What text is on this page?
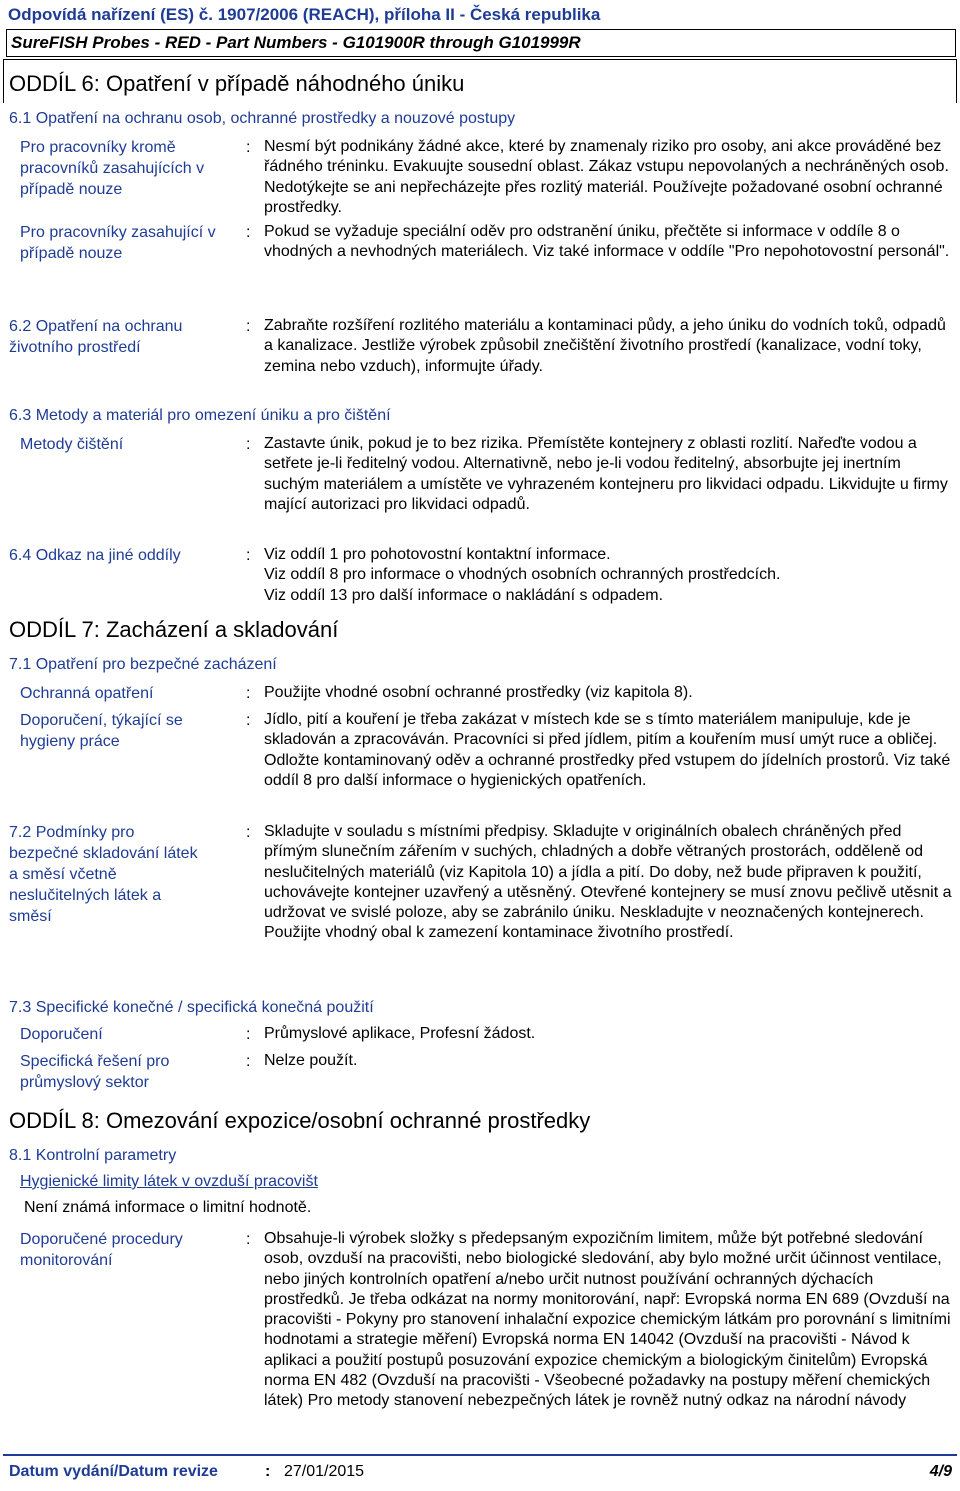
Odpovídá nařízení (ES) č. 1907/2006 (REACH), příloha II - Česká republika
SureFISH Probes - RED - Part Numbers - G101900R through G101999R
ODDÍL 6: Opatření v případě náhodného úniku
6.1 Opatření na ochranu osob, ochranné prostředky a nouzové postupy
Pro pracovníky kromě pracovníků zasahujících v případě nouze
: Nesmí být podnikány žádné akce, které by znamenaly riziko pro osoby, ani akce prováděné bez řádného tréninku. Evakuujte sousední oblast. Zákaz vstupu nepovolaných a nechráněných osob. Nedotýkejte se ani nepřecházejte přes rozlitý materiál. Používejte požadované osobní ochranné prostředky.
Pro pracovníky zasahující v případě nouze
: Pokud se vyžaduje speciální oděv pro odstranění úniku, přečtěte si informace v oddíle 8 o vhodných a nevhodných materiálech. Viz také informace v oddíle "Pro nepohotovostní personál".
6.2 Opatření na ochranu životního prostředí
: Zabraňte rozšíření rozlitého materiálu a kontaminaci půdy, a jeho úniku do vodních toků, odpadů a kanalizace. Jestliže výrobek způsobil znečištění životního prostředí (kanalizace, vodní toky, zemina nebo vzduch), informujte úřady.
6.3 Metody a materiál pro omezení úniku a pro čištění
Metody čištění	: Zastavte únik, pokud je to bez rizika. Přemístěte kontejnery z oblasti rozlití. Nařeďte vodou a setřete je-li ředitelný vodou. Alternativně, nebo je-li vodou ředitelný, absorbujte jej inertním suchým materiálem a umístěte ve vyhrazeném kontejneru pro likvidaci odpadu. Likvidujte u firmy mající autorizaci pro likvidaci odpadů.
6.4 Odkaz na jiné oddíly	: Viz oddíl 1 pro pohotovostní kontaktní informace.

Viz oddíl 8 pro informace o vhodných osobních ochranných prostředcích.

Viz oddíl 13 pro další informace o nakládání s odpadem.

ODDÍL 7: Zacházení a skladování
7.1 Opatření pro bezpečné zacházení
Ochranná opatření	: Použijte vhodné osobní ochranné prostředky (viz kapitola 8).
Doporučení, týkající se hygieny práce
: Jídlo, pití a kouření je třeba zakázat v místech kde se s tímto materiálem manipuluje, kde je skladován a zpracováván. Pracovníci si před jídlem, pitím a kouřením musí umýt ruce a obličej. Odložte kontaminovaný oděv a ochranné prostředky před vstupem do jídelních prostorů. Viz také oddíl 8 pro další informace o hygienických opatřeních.
7.2 Podmínky pro bezpečné skladování látek a směsí včetně neslučitelných látek a směsí
: Skladujte v souladu s místními předpisy. Skladujte v originálních obalech chráněných před přímým slunečním zářením v suchých, chladných a dobře větraných prostorách, odděleně od neslučitelných materiálů (viz Kapitola 10) a jídla a pití. Do doby, než bude připraven k použití, uchovávejte kontejner uzavřený a utěsněný. Otevřené kontejnery se musí znovu pečlivě utěsnit a udržovat ve svislé poloze, aby se zabránilo úniku. Neskladujte v neoznačených kontejnerech. Použijte vhodný obal k zamezení kontaminace životního prostředí.
7.3 Specifické konečné / specifická konečná použití
Doporučení	: Průmyslové aplikace, Profesní žádost.
Specifická řešení pro průmyslový sektor
: Nelze použít.
ODDÍL 8: Omezování expozice/osobní ochranné prostředky
8.1 Kontrolní parametry
Hygienické limity látek v ovzduší pracovišt
Není známá informace o limitní hodnotě.
Doporučené procedury monitorování
: Obsahuje-li výrobek složky s předepsaným expozičním limitem, může být potřebné sledování osob, ovzduší na pracovišti, nebo biologické sledování, aby bylo možné určit účinnost ventilace, nebo jiných kontrolních opatření a/nebo určit nutnost používání ochranných dýchacích prostředků. Je třeba odkázat na normy monitorování, např: Evropská norma EN 689 (Ovzduší na pracovišti - Pokyny pro stanovení inhalační expozice chemickým látkám pro porovnání s limitními hodnotami a strategie měření) Evropská norma EN 14042 (Ovzduší na pracovišti - Návod k aplikaci a použití postupů posuzování expozice chemickým a biologickým činitelům) Evropská norma EN 482 (Ovzduší na pracovišti - Všeobecné požadavky na postupy měření chemických látek) Pro metody stanovení nebezpečných látek je rovněž nutný odkaz na národní návody
Datum vydání/Datum revize	: 27/01/2015	4/9
